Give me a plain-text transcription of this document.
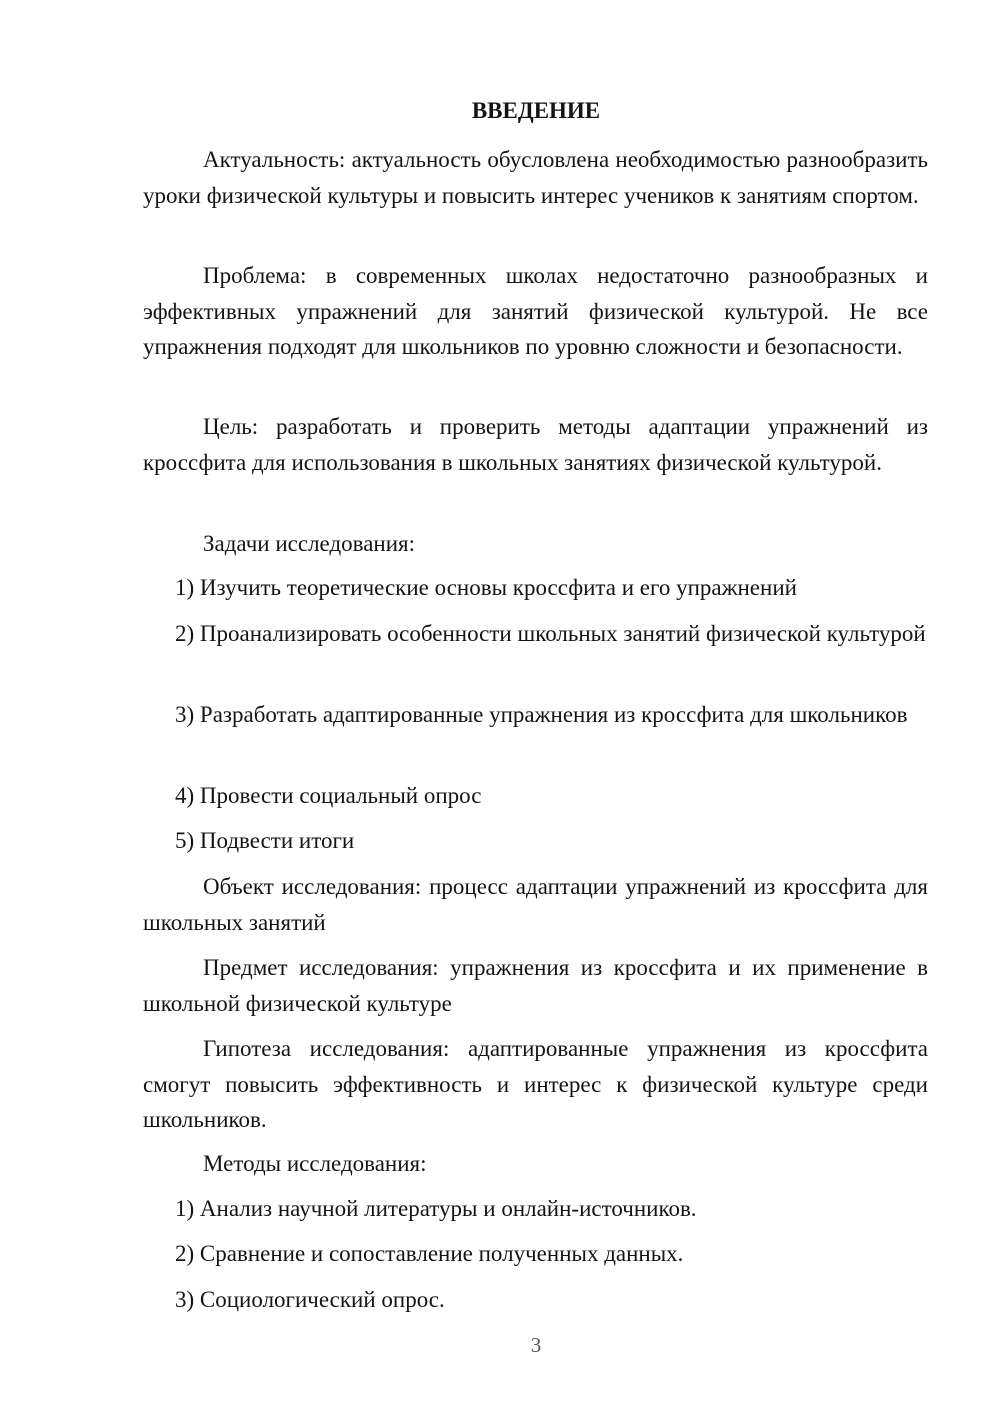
ВВЕДЕНИЕ

Актуальность: актуальность обусловлена необходимостью разнообразить уроки физической культуры и повысить интерес учеников к занятиям спортом.

Проблема: в современных школах недостаточно разнообразных и эффективных упражнений для занятий физической культурой. Не все упражнения подходят для школьников по уровню сложности и безопасности.

Цель: разработать и проверить методы адаптации упражнений из кроссфита для использования в школьных занятиях физической культурой.

Задачи исследования:

1) Изучить теоретические основы кроссфита и его упражнений

2) Проанализировать особенности школьных занятий физической культурой

3) Разработать адаптированные упражнения из кроссфита для школьников

4) Провести социальный опрос

5) Подвести итоги

Объект исследования: процесс адаптации упражнений из кроссфита для школьных занятий

Предмет исследования: упражнения из кроссфита и их применение в школьной физической культуре

Гипотеза исследования: адаптированные упражнения из кроссфита смогут повысить эффективность и интерес к физической культуре среди школьников.

Методы исследования:

1) Анализ научной литературы и онлайн-источников.

2) Сравнение и сопоставление полученных данных.

3) Социологический опрос.

3
